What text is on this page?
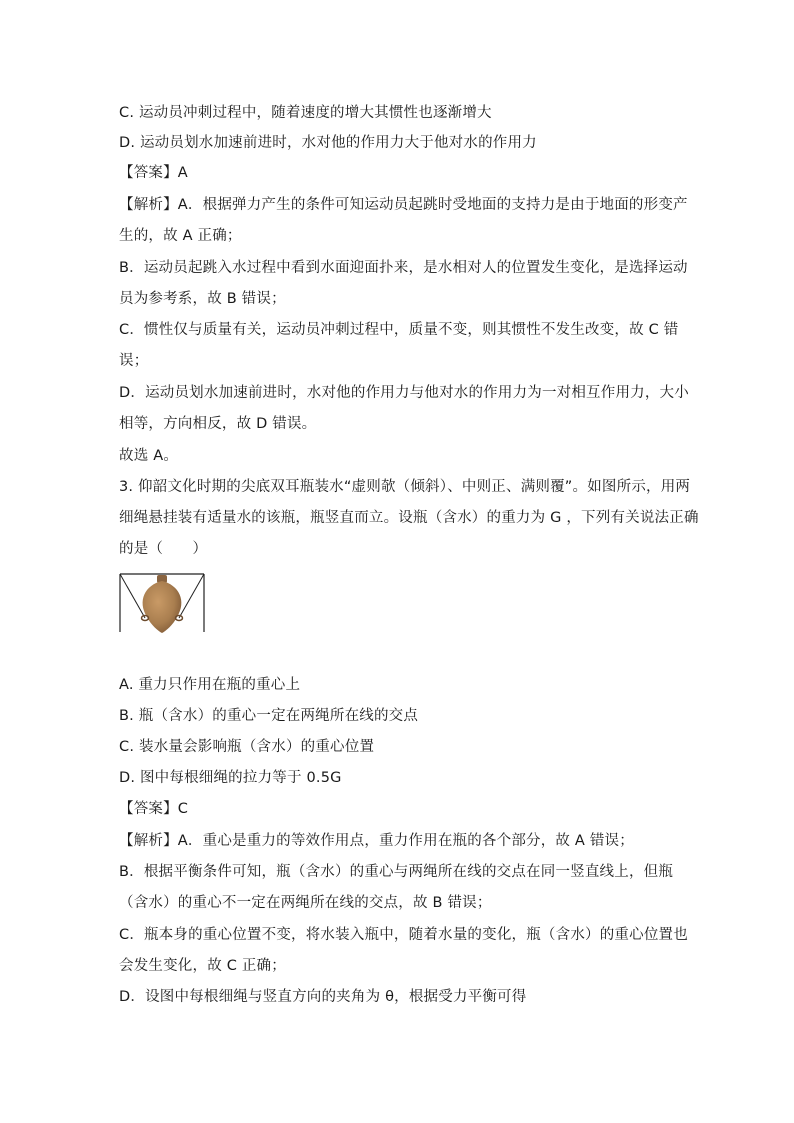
C. 运动员冲刺过程中，随着速度的增大其惯性也逐渐增大
D. 运动员划水加速前进时，水对他的作用力大于他对水的作用力
【答案】A
【解析】A．根据弹力产生的条件可知运动员起跳时受地面的支持力是由于地面的形变产
生的，故 A 正确；
B．运动员起跳入水过程中看到水面迎面扑来，是水相对人的位置发生变化，是选择运动
员为参考系，故 B 错误；
C．惯性仅与质量有关，运动员冲刺过程中，质量不变，则其惯性不发生改变，故 C 错
误；
D．运动员划水加速前进时，水对他的作用力与他对水的作用力为一对相互作用力，大小
相等，方向相反，故 D 错误。
故选 A。
3. 仰韶文化时期的尖底双耳瓶装水“虚则欹（倾斜）、中则正、满则覆”。如图所示，用两
细绳悬挂装有适量水的该瓶，瓶竖直而立。设瓶（含水）的重力为 G ，下列有关说法正确
的是（　　）
A. 重力只作用在瓶的重心上
B. 瓶（含水）的重心一定在两绳所在线的交点
C. 装水量会影响瓶（含水）的重心位置
D. 图中每根细绳的拉力等于 0.5G
【答案】C
【解析】A．重心是重力的等效作用点，重力作用在瓶的各个部分，故 A 错误；
B．根据平衡条件可知，瓶（含水）的重心与两绳所在线的交点在同一竖直线上，但瓶
（含水）的重心不一定在两绳所在线的交点，故 B 错误；
C．瓶本身的重心位置不变，将水装入瓶中，随着水量的变化，瓶（含水）的重心位置也
会发生变化，故 C 正确；
D．设图中每根细绳与竖直方向的夹角为 θ，根据受力平衡可得
